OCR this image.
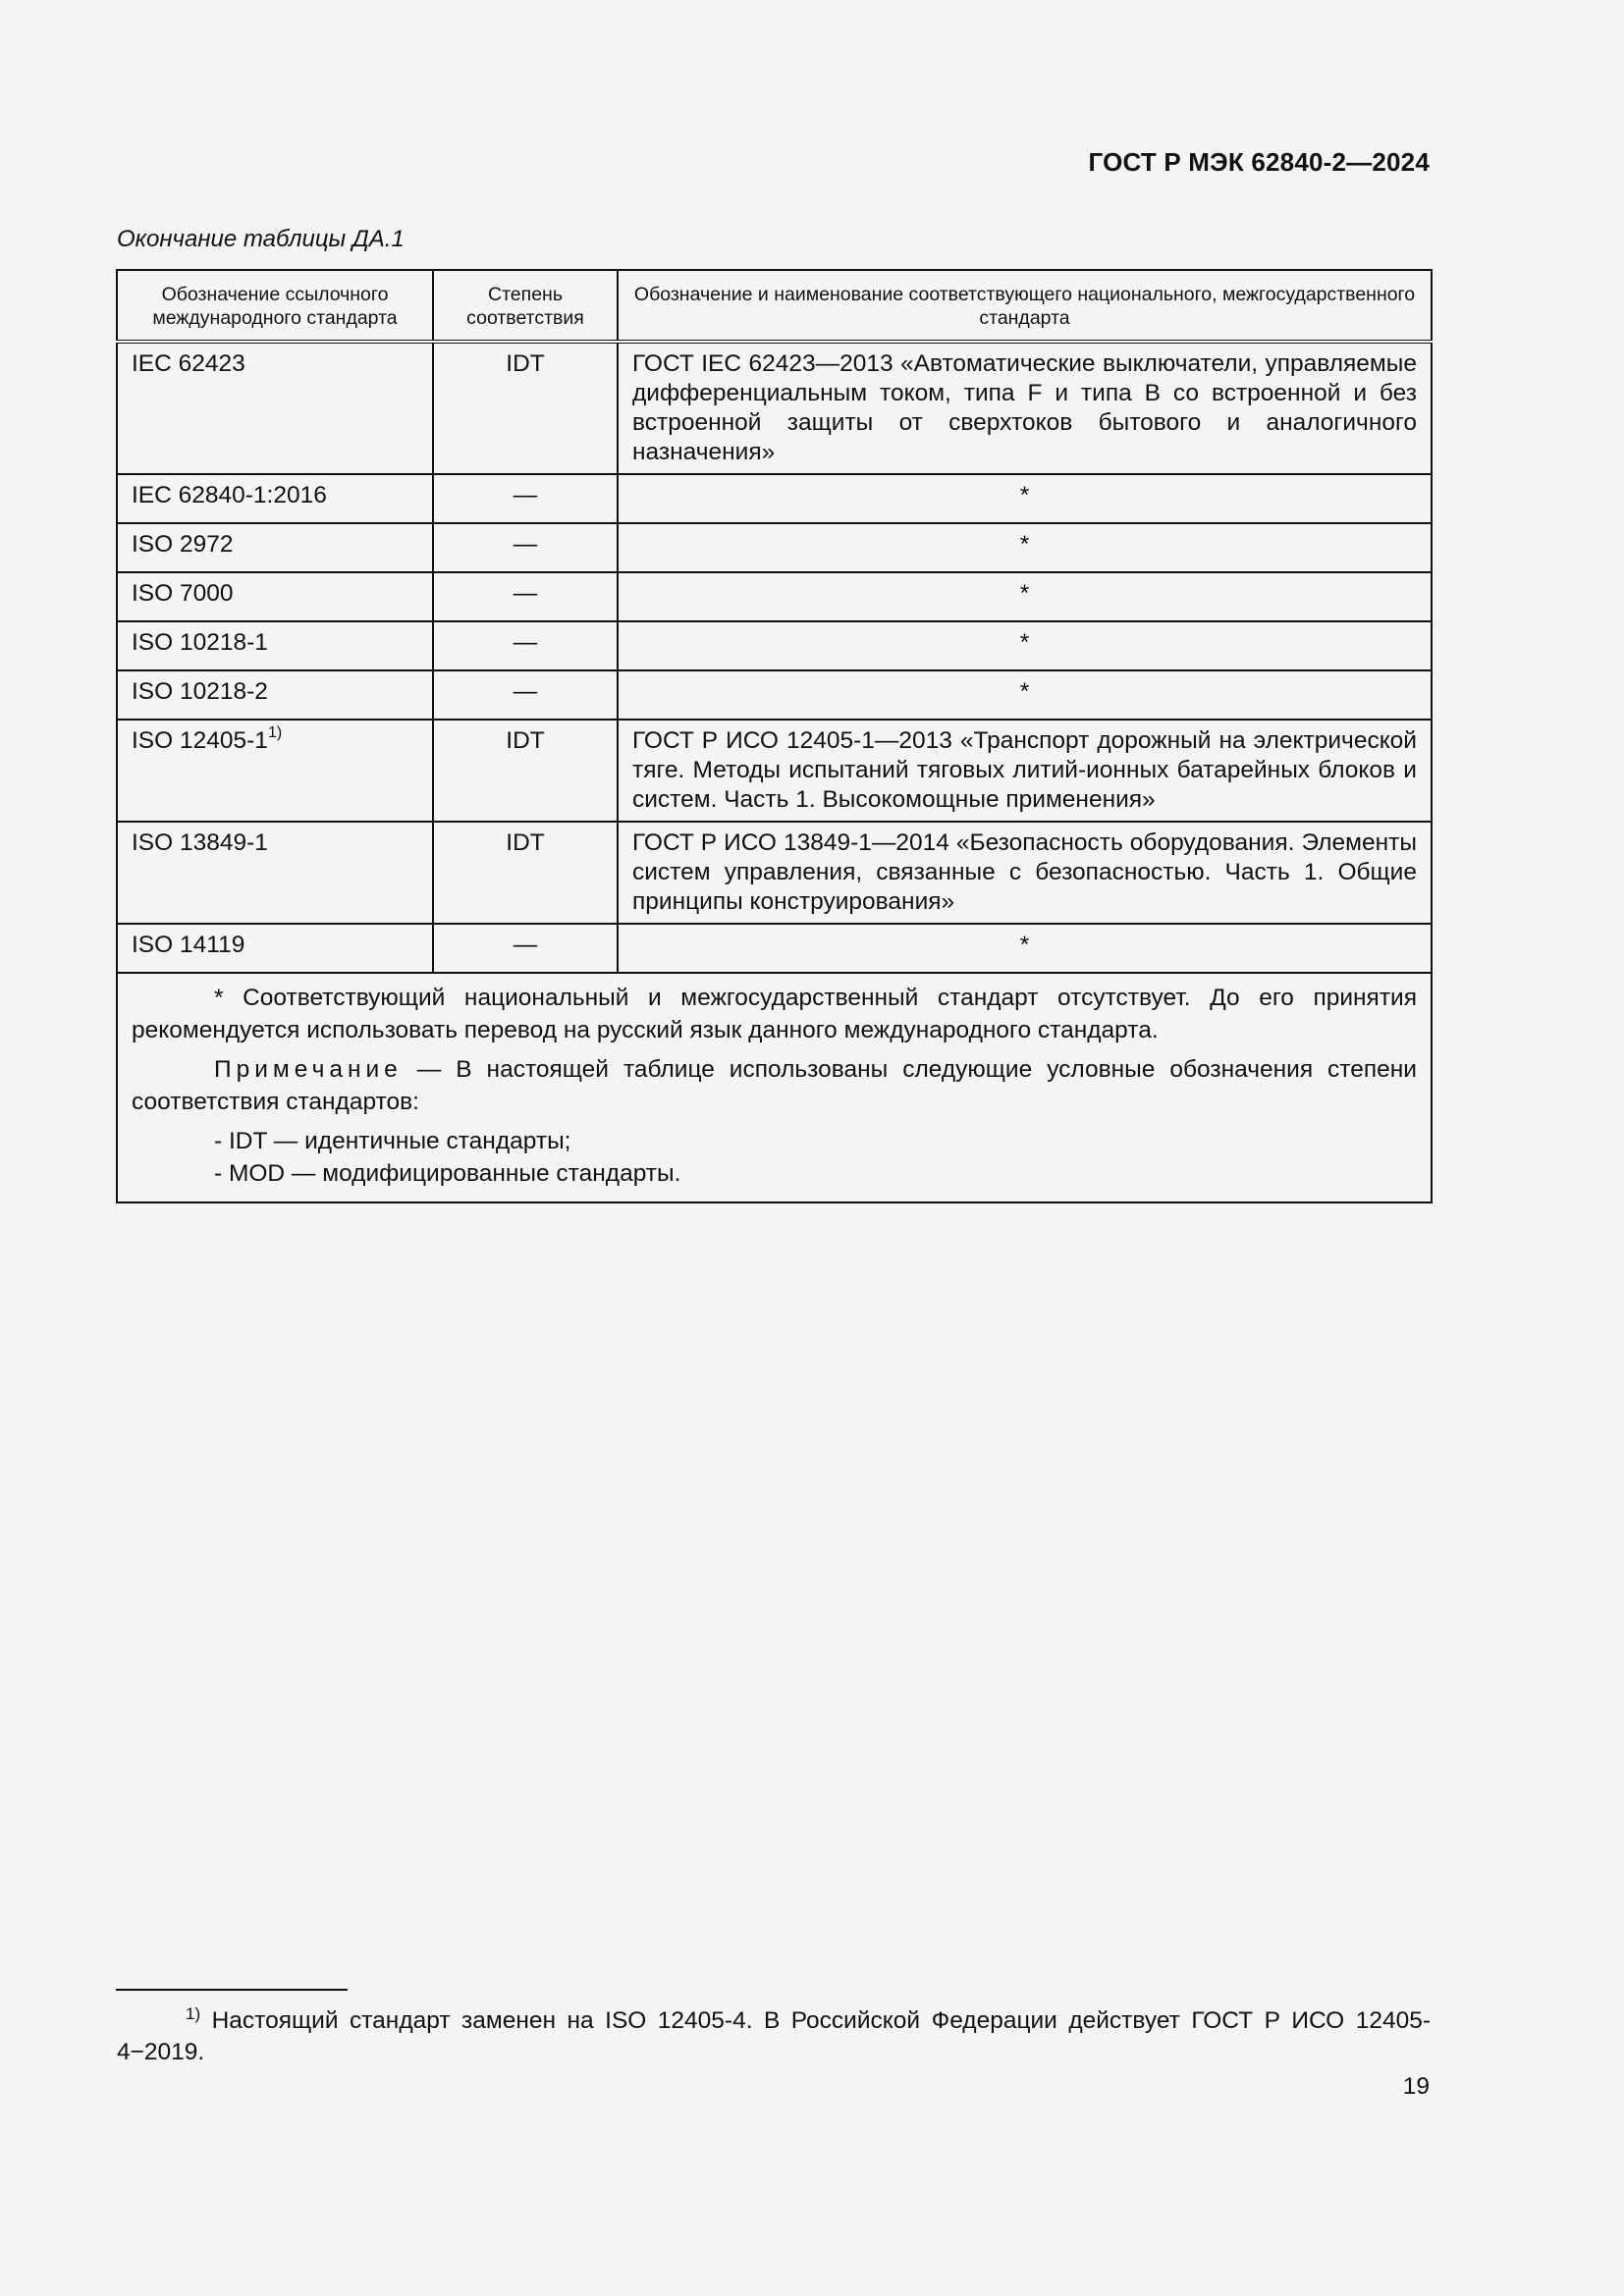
ГОСТ Р МЭК 62840-2—2024
Окончание таблицы ДА.1
Обозначение ссылочного международного стандарта	Степень соответствия	Обозначение и наименование соответствующего национального, межгосударственного стандарта
IEC 62423	IDT	ГОСТ IEC 62423—2013 «Автоматические выключатели, управляемые дифференциальным током, типа F и типа B со встроенной и без встроенной защиты от сверхтоков бытового и аналогичного назначения»
IEC 62840-1:2016	—	*
ISO 2972	—	*
ISO 7000	—	*
ISO 10218-1	—	*
ISO 10218-2	—	*
ISO 12405-1$^{1)}$	IDT	ГОСТ Р ИСО 12405-1—2013 «Транспорт дорожный на электрической тяге. Методы испытаний тяговых литий-ионных батарейных блоков и систем. Часть 1. Высокомощные применения»
ISO 13849-1	IDT	ГОСТ Р ИСО 13849-1—2014 «Безопасность оборудования. Элементы систем управления, связанные с безопасностью. Часть 1. Общие принципы конструирования»
ISO 14119	—	*

* Соответствующий национальный и межгосударственный стандарт отсутствует. До его принятия рекомендуется использовать перевод на русский язык данного международного стандарта.

Примечание — В настоящей таблице использованы следующие условные обозначения степени соответствия стандартов:

- IDT — идентичные стандарты;
- MOD — модифицированные стандарты.		
$^{1)}$ Настоящий стандарт заменен на ISO 12405-4. В Российской Федерации действует ГОСТ Р ИСО 12405-4−2019.
19
